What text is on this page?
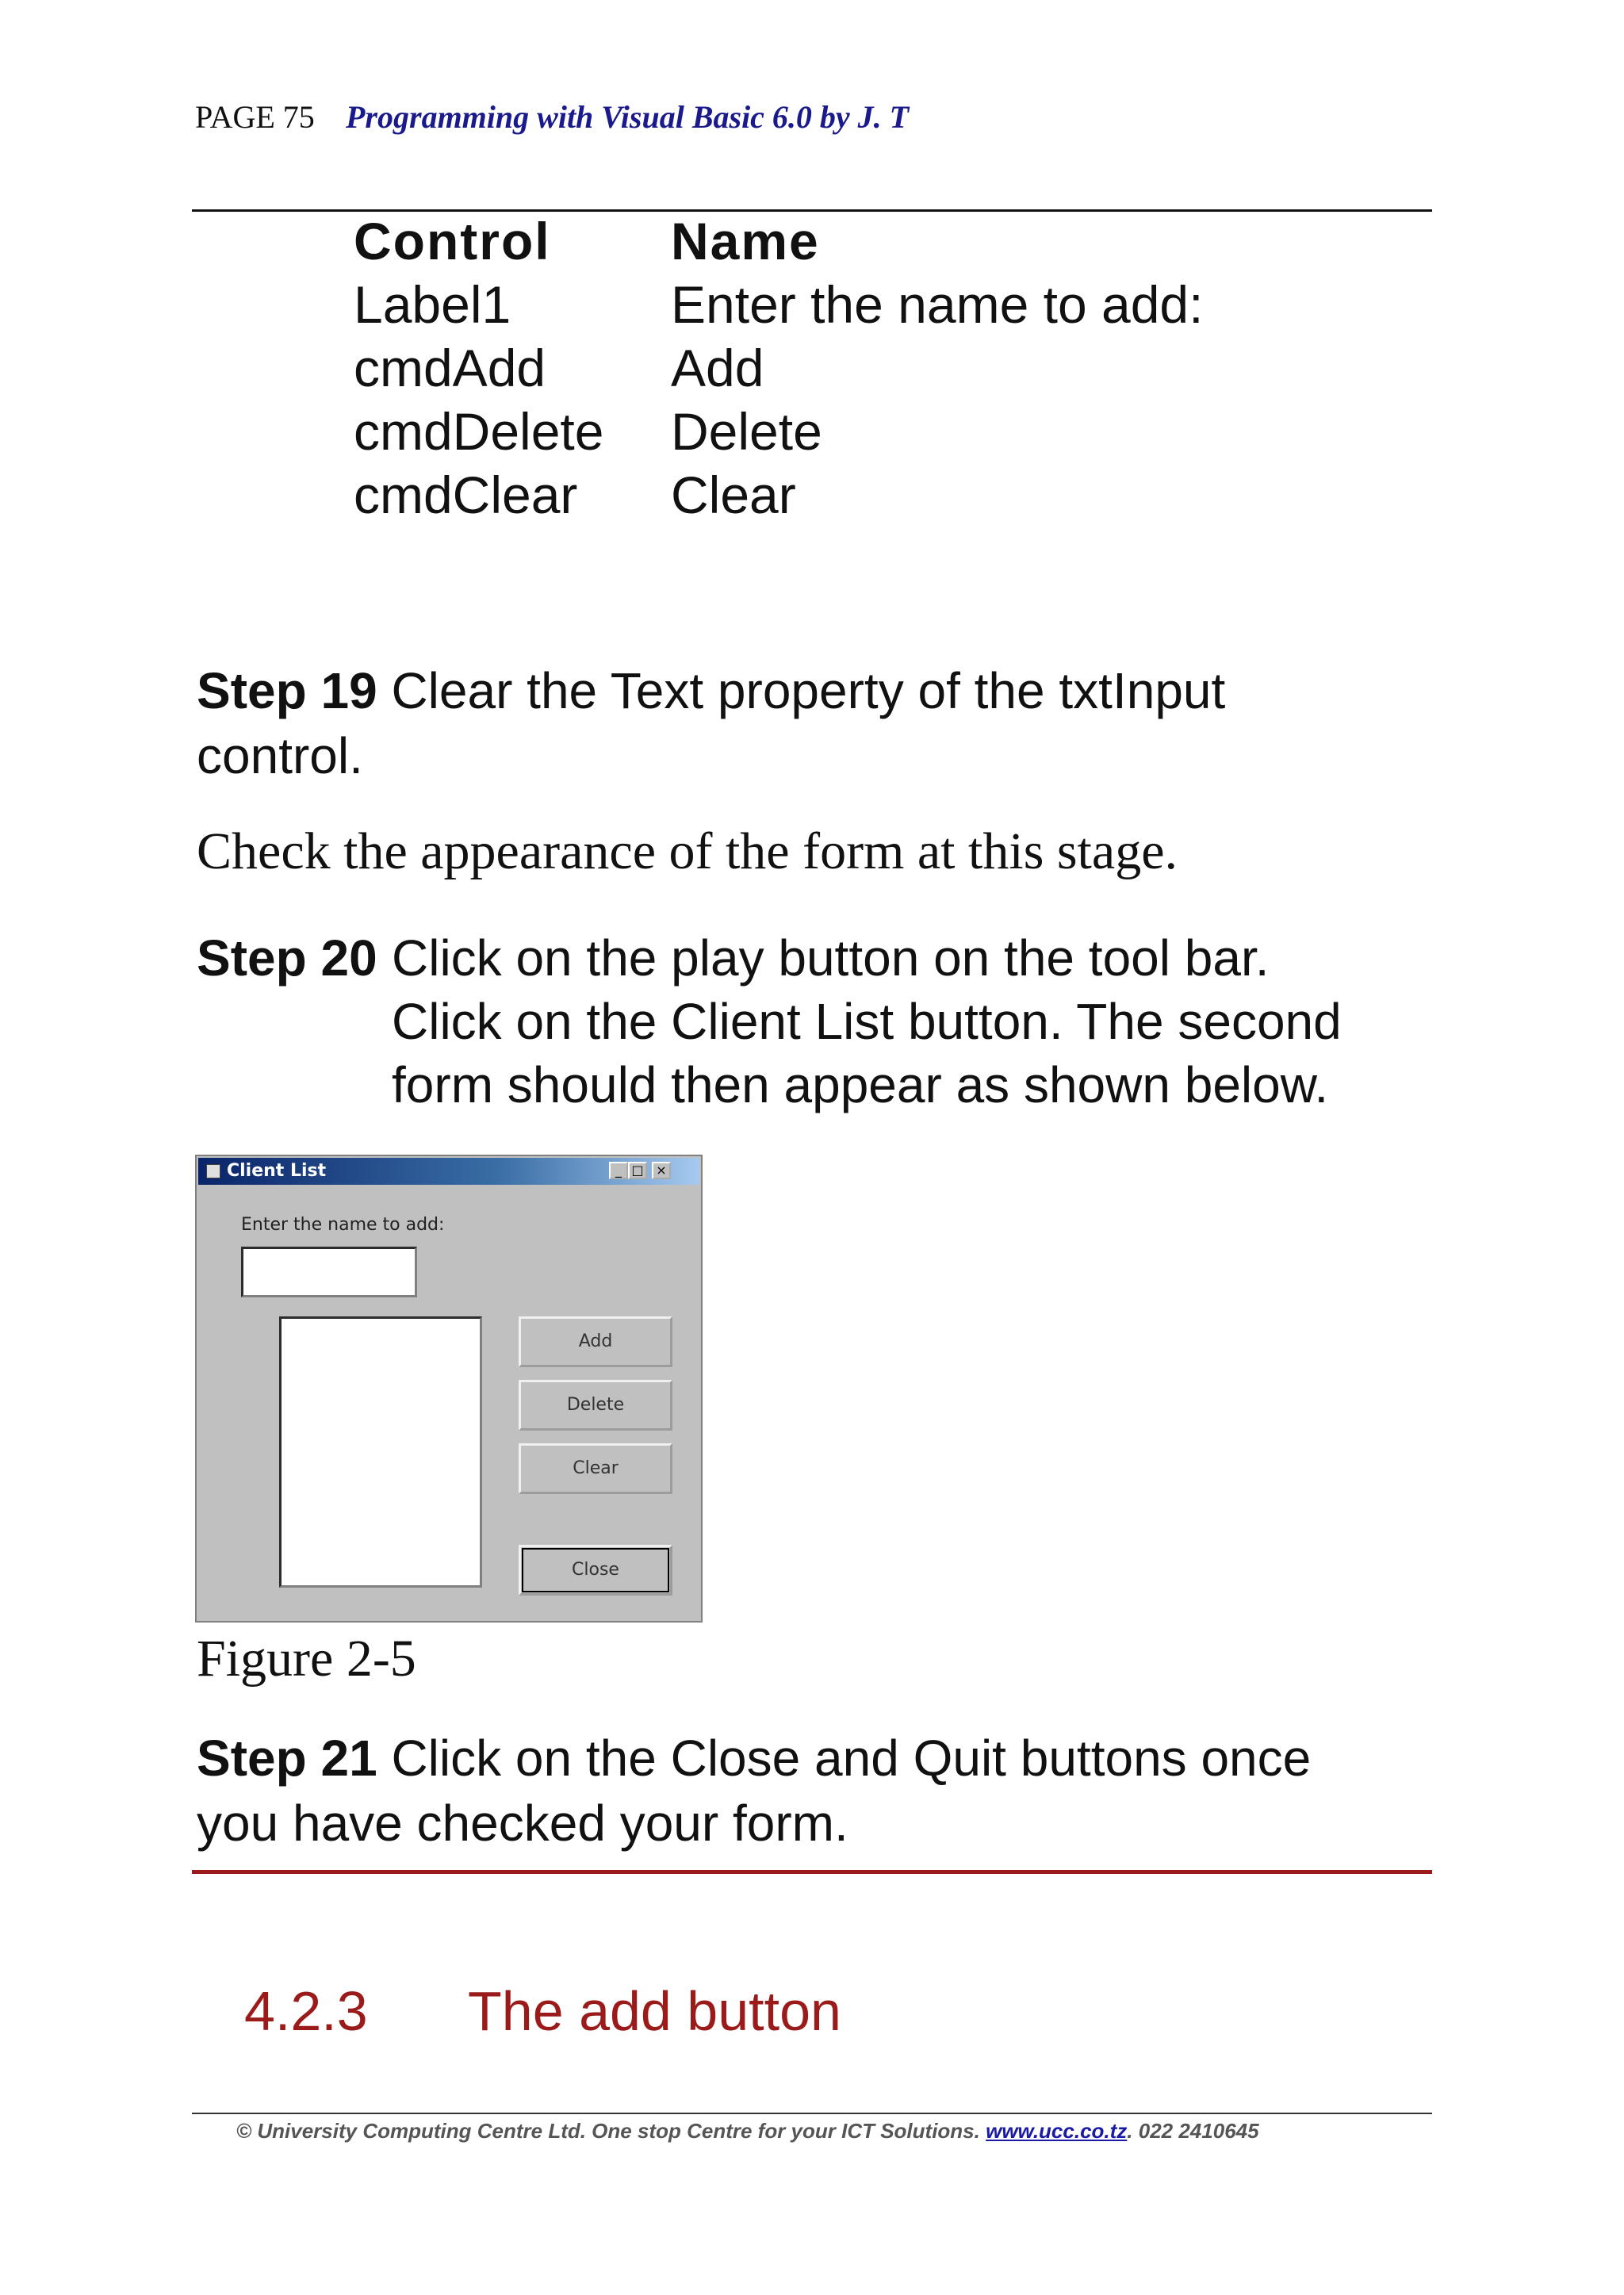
PAGE 75 Programming with Visual Basic 6.0 by J. T
Control	Name
Label1	Enter the name to add:
cmdAdd	Add
cmdDelete	Delete
cmdClear	Clear
Step 19 Clear the Text property of the txtInput
control.
Check the appearance of the form at this stage.
Step 20 Click on the play button on the tool bar.
Click on the Client List button. The second
form should then appear as shown below.
Client List	_ □ ×
Enter the name to add:
Add
Delete
Clear
Close
Figure 2-5
Step 21 Click on the Close and Quit buttons once
you have checked your form.
4.2.3 The add button
© University Computing Centre Ltd. One stop Centre for your ICT Solutions. www.ucc.co.tz. 022 2410645
